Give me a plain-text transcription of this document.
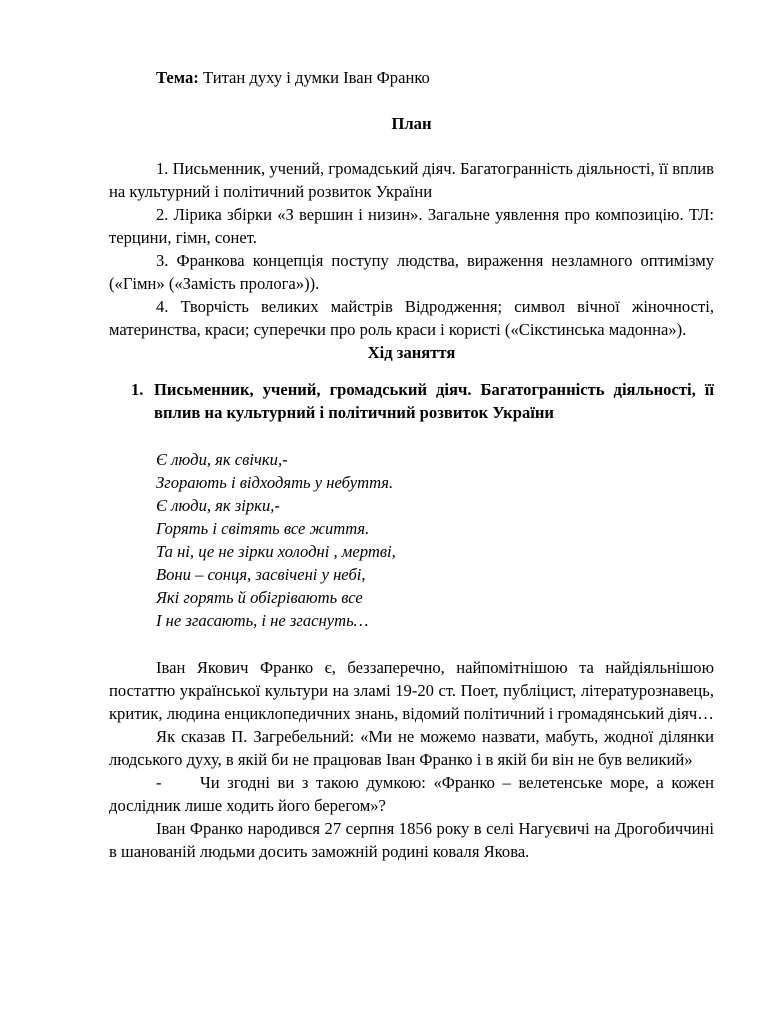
Тема: Титан духу і думки Іван Франко

План

1. Письменник, учений, громадський діяч. Багатогранність діяльності, її вплив на культурний і політичний розвиток України

2. Лірика збірки «З вершин і низин». Загальне уявлення про композицію. ТЛ: терцини, гімн, сонет.

3. Франкова концепція поступу людства, вираження незламного оптимізму («Гімн» («Замість пролога»)).

4. Творчість великих майстрів Відродження; символ вічної жіночності, материнства, краси; суперечки про роль краси і користі («Сікстинська мадонна»).

Хід заняття

1. Письменник, учений, громадський діяч. Багатогранність діяльності, її вплив на культурний і політичний розвиток України

Є люди, як свічки,-
Згорають і відходять у небуття.
Є люди, як зірки,-
Горять і світять все життя.
Та ні, це не зірки холодні , мертві,
Вони – сонця, засвічені у небі,
Які горять й обігрівають все
І не згасають, і не згаснуть…

Іван Якович Франко є, беззаперечно, найпомітнішою та найдіяльнішою постаттю української культури на зламі 19-20 ст. Поет, публіцист, літературознавець, критик, людина енциклопедичних знань, відомий політичний і громадянський діяч…

Як сказав П. Загребельний: «Ми не можемо назвати, мабуть, жодної ділянки людського духу, в якій би не працював Іван Франко і в якій би він не був великий»

- Чи згодні ви з такою думкою: «Франко – велетенське море, а кожен дослідник лише ходить його берегом»?

Іван Франко народився 27 серпня 1856 року в селі Нагуєвичі на Дрогобиччині в шанованій людьми досить заможній родині коваля Якова.
